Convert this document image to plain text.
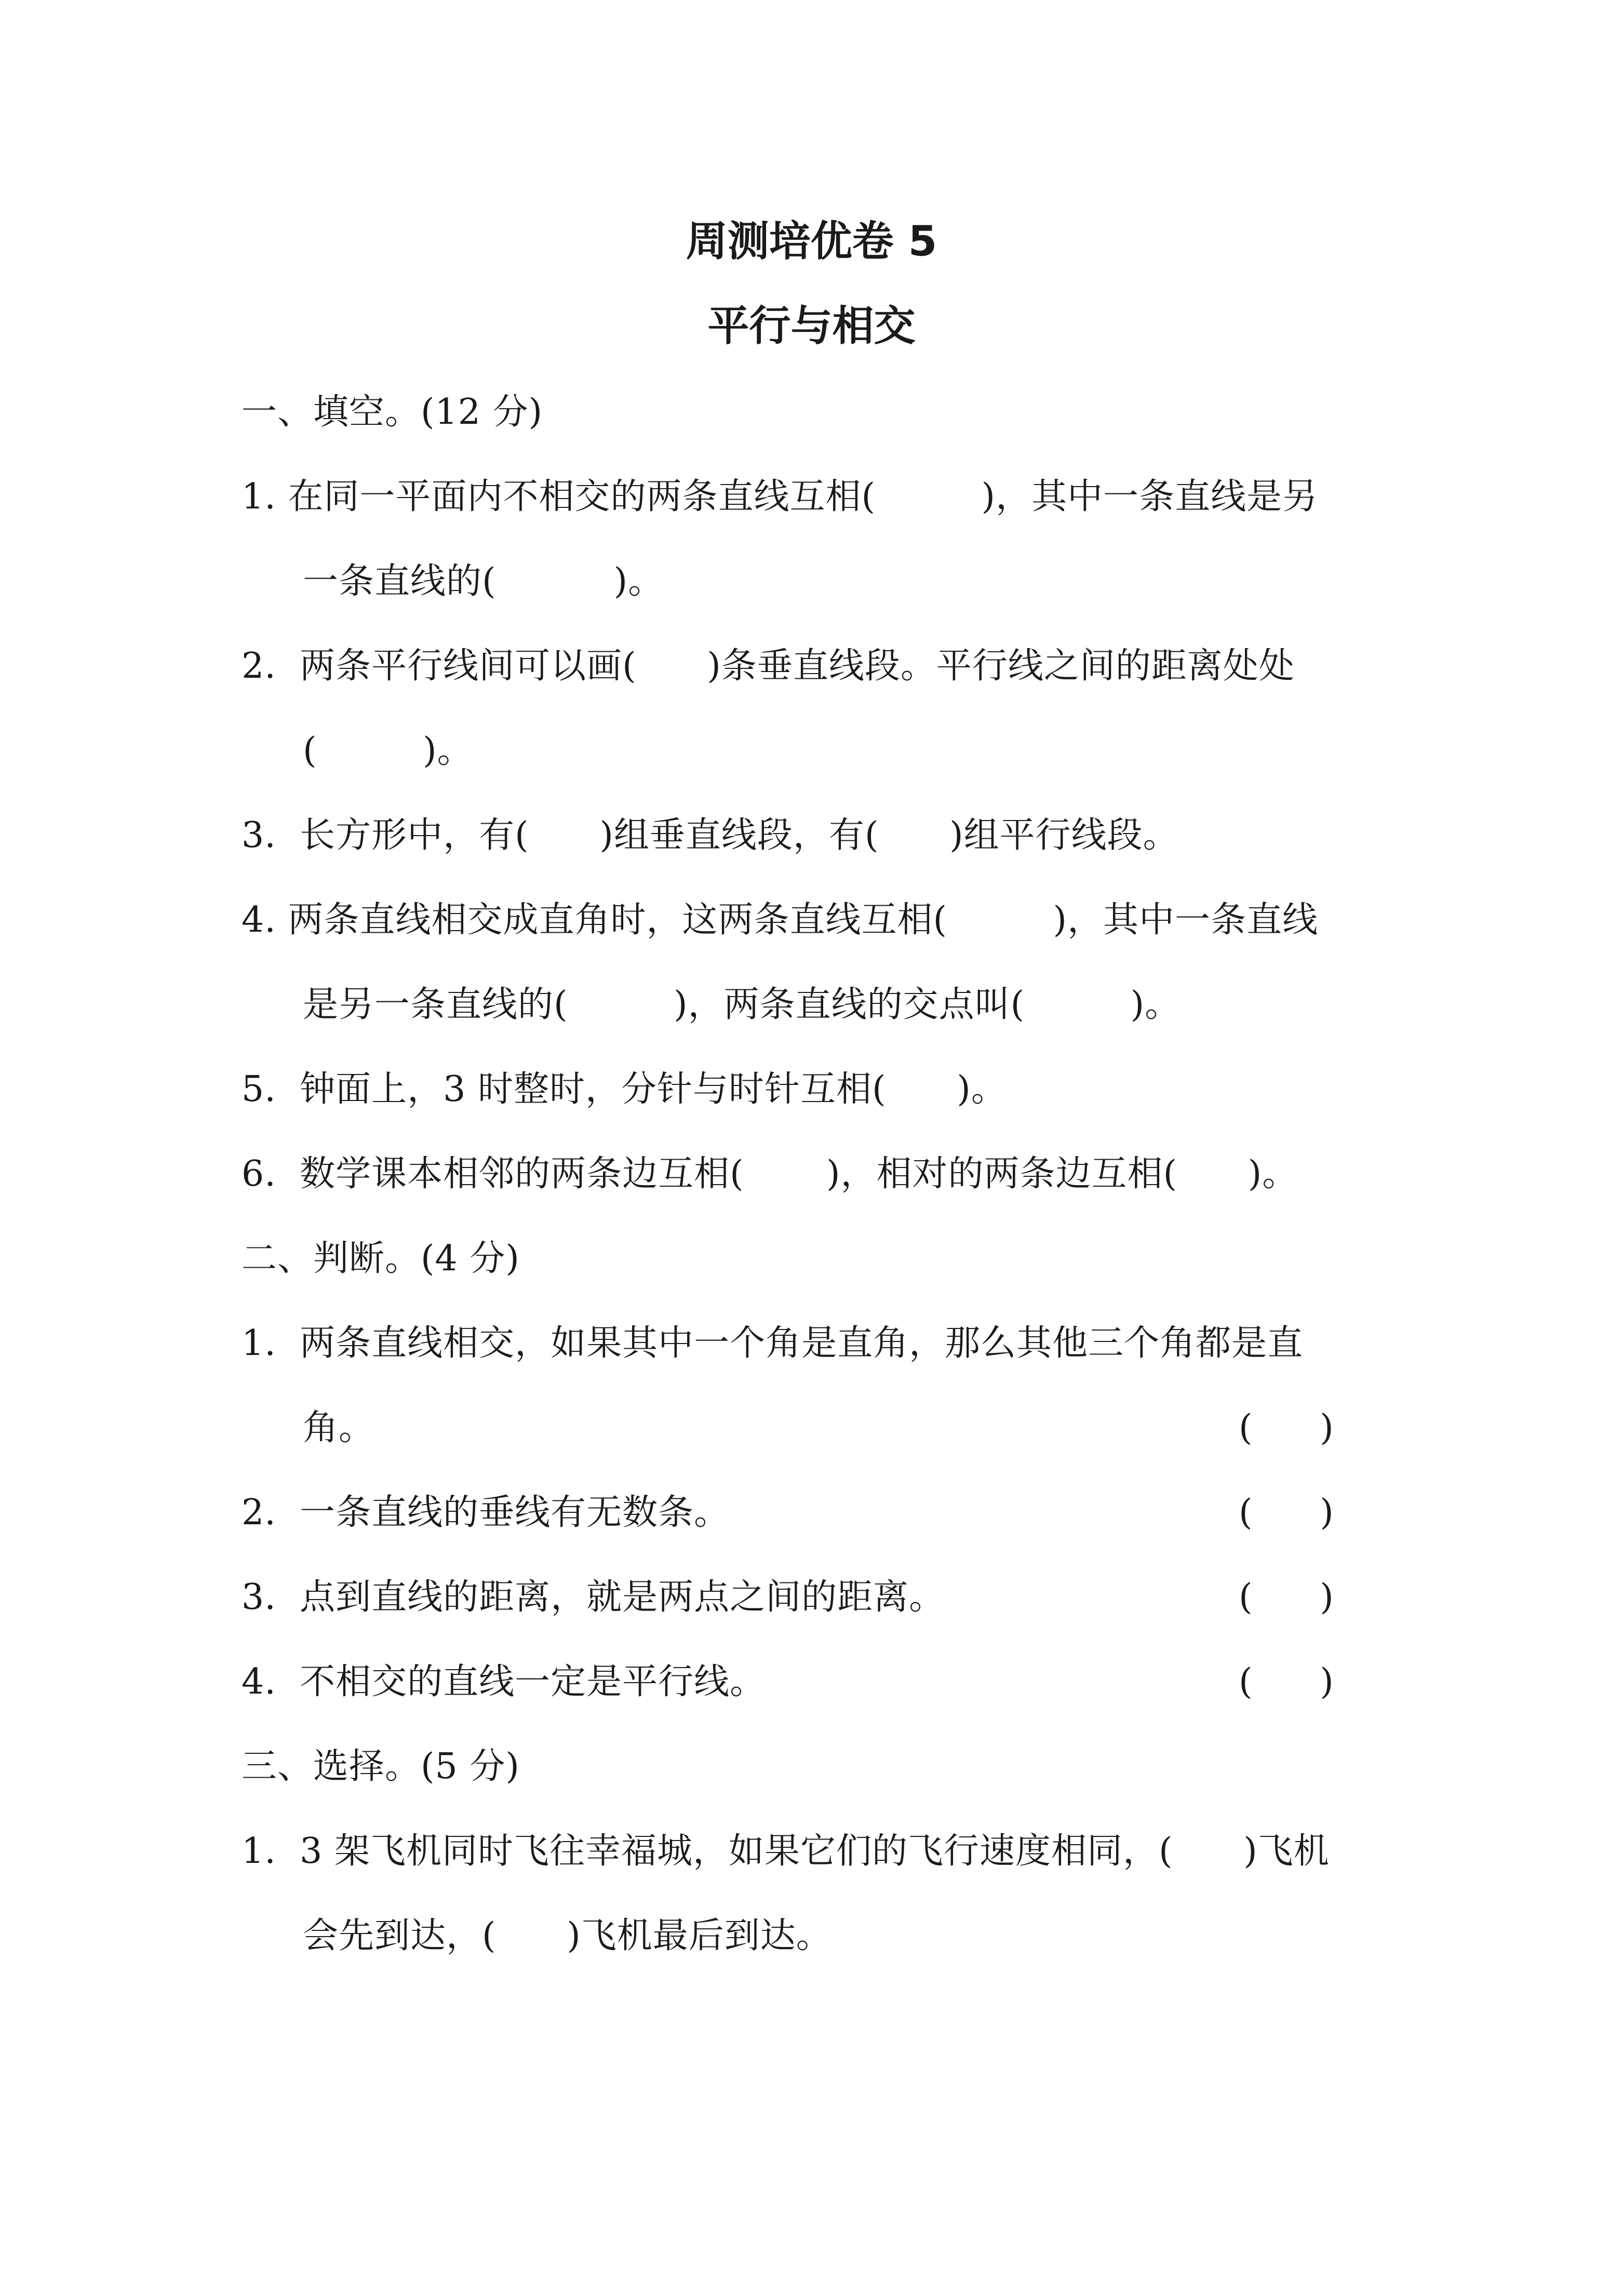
周测培优卷 5
平行与相交
一、填空。(12 分)
1. 在同一平面内不相交的两条直线互相(         )，其中一条直线是另
一条直线的(          )。
2.  两条平行线间可以画(      )条垂直线段。平行线之间的距离处处
(         )。
3.  长方形中，有(      )组垂直线段，有(      )组平行线段。
4. 两条直线相交成直角时，这两条直线互相(         )，其中一条直线
是另一条直线的(         )，两条直线的交点叫(         )。
5.  钟面上，3 时整时，分针与时针互相(      )。
6.  数学课本相邻的两条边互相(       )，相对的两条边互相(      )。
二、判断。(4 分)
1.  两条直线相交，如果其中一个角是直角，那么其他三个角都是直
角。	(      )
2.  一条直线的垂线有无数条。	(      )
3.  点到直线的距离，就是两点之间的距离。	(      )
4.  不相交的直线一定是平行线。	(      )
三、选择。(5 分)
1.  3 架飞机同时飞往幸福城，如果它们的飞行速度相同，(      )飞机
会先到达，(      )飞机最后到达。
